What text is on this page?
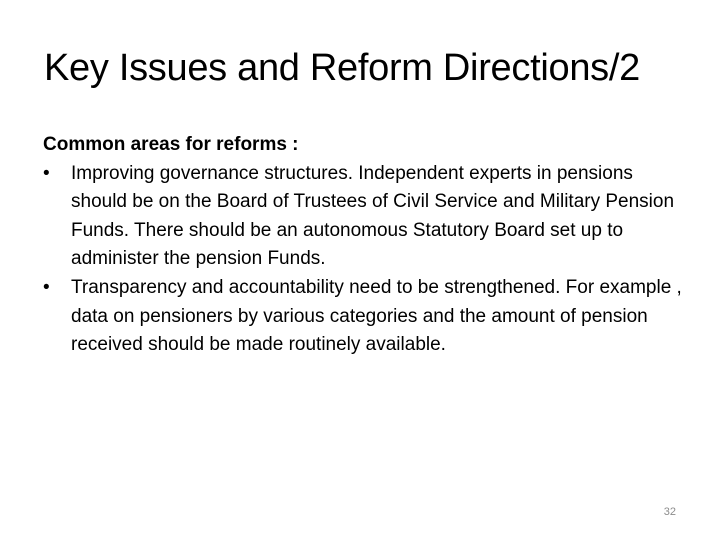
Key Issues and Reform Directions/2

Common areas for reforms :

•	Improving governance structures. Independent experts in pensions should be on the Board of Trustees of Civil Service and Military Pension Funds. There should be an autonomous Statutory Board set up to administer the pension Funds.
•	Transparency and accountability need to be strengthened. For example , data on pensioners by various categories and the amount of pension received should be made routinely available.
32
